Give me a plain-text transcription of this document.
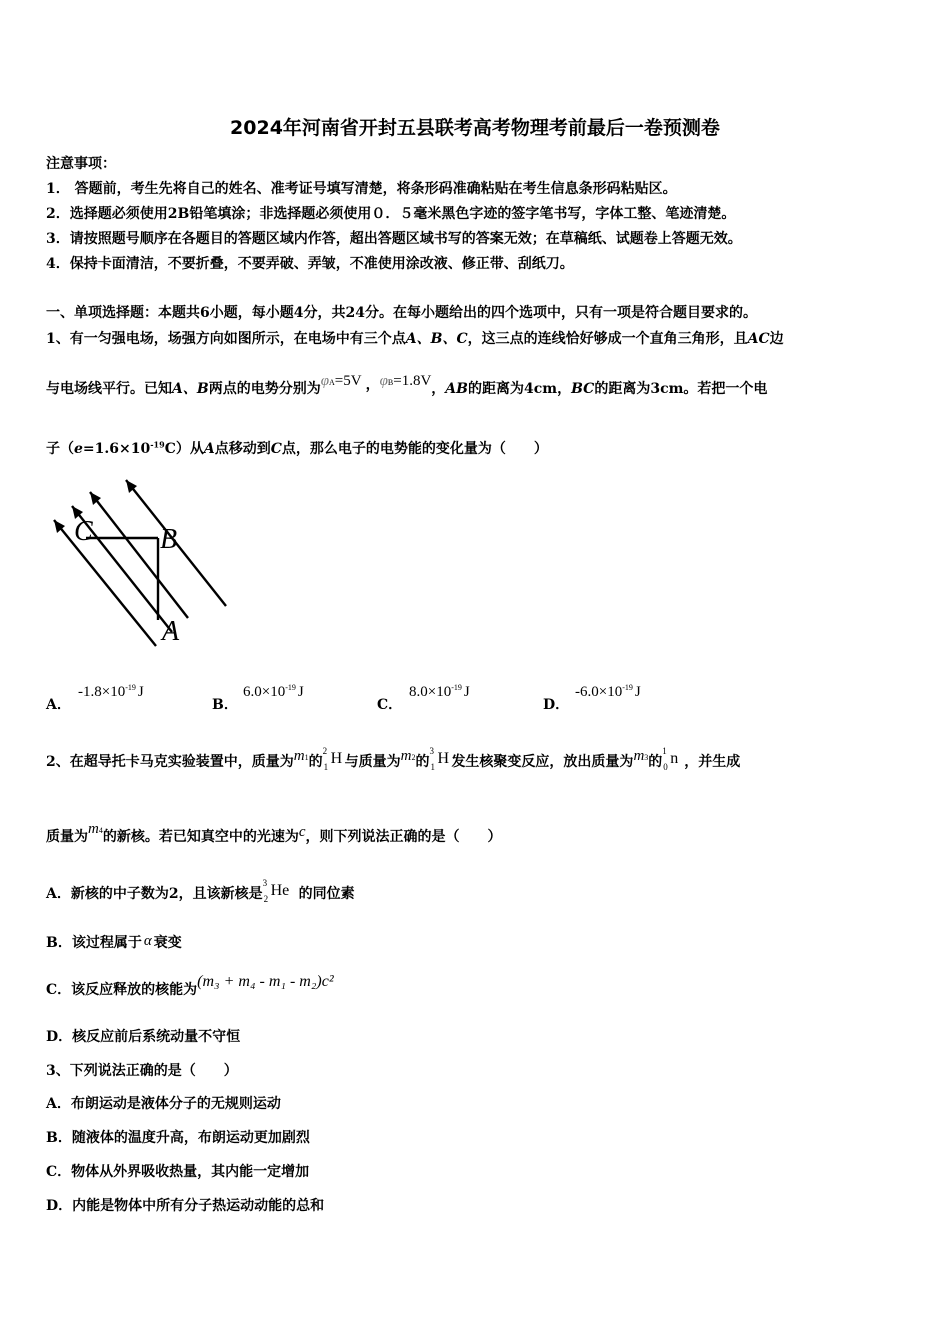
2024年河南省开封五县联考高考物理考前最后一卷预测卷
注意事项：
1． 答题前，考生先将自己的姓名、准考证号填写清楚，将条形码准确粘贴在考生信息条形码粘贴区。
2．选择题必须使用2B铅笔填涂；非选择题必须使用０．５毫米黑色字迹的签字笔书写，字体工整、笔迹清楚。
3．请按照题号顺序在各题目的答题区域内作答，超出答题区域书写的答案无效；在草稿纸、试题卷上答题无效。
4．保持卡面清洁，不要折叠，不要弄破、弄皱，不准使用涂改液、修正带、刮纸刀。
一、单项选择题：本题共6小题，每小题4分，共24分。在每小题给出的四个选项中，只有一项是符合题目要求的。
1、有一匀强电场，场强方向如图所示，在电场中有三个点A、B、C，这三点的连线恰好够成一个直角三角形，且AC边
与电场线平行。已知A、B两点的电势分别为φA=5V ，φB=1.8V，AB的距离为4cm，BC的距离为3cm。若把一个电
子$(e=1.6\times 10^{-19}C)$从A点移动到C点，那么电子的电势能的变化量为（　　）
C B
A
A．
$-1.8\times 10^{-19}$ J
B．
$6.0\times 10^{-19}$ J
C．
$8.0\times 10^{-19}$ J
D．
$-6.0\times 10^{-19}$ J
2、在超导托卡马克实验装置中，质量为m1的
2
1 H 与质量为m2的
3
1 H 发生核聚变反应，放出质量为m3的
1
0 n ，并生成
质量为m4的新核。若已知真空中的光速为c，则下列说法正确的是（　　）
A．新核的中子数为2，且该新核是
3
2 He 的同位素
B．该过程属于 α 衰变
C．该反应释放的核能为(m₃ + m₄ - m₁ - m₂)c²
D．核反应前后系统动量不守恒
3、下列说法正确的是（　　）
A．布朗运动是液体分子的无规则运动
B．随液体的温度升高，布朗运动更加剧烈
C．物体从外界吸收热量，其内能一定增加
D．内能是物体中所有分子热运动动能的总和
